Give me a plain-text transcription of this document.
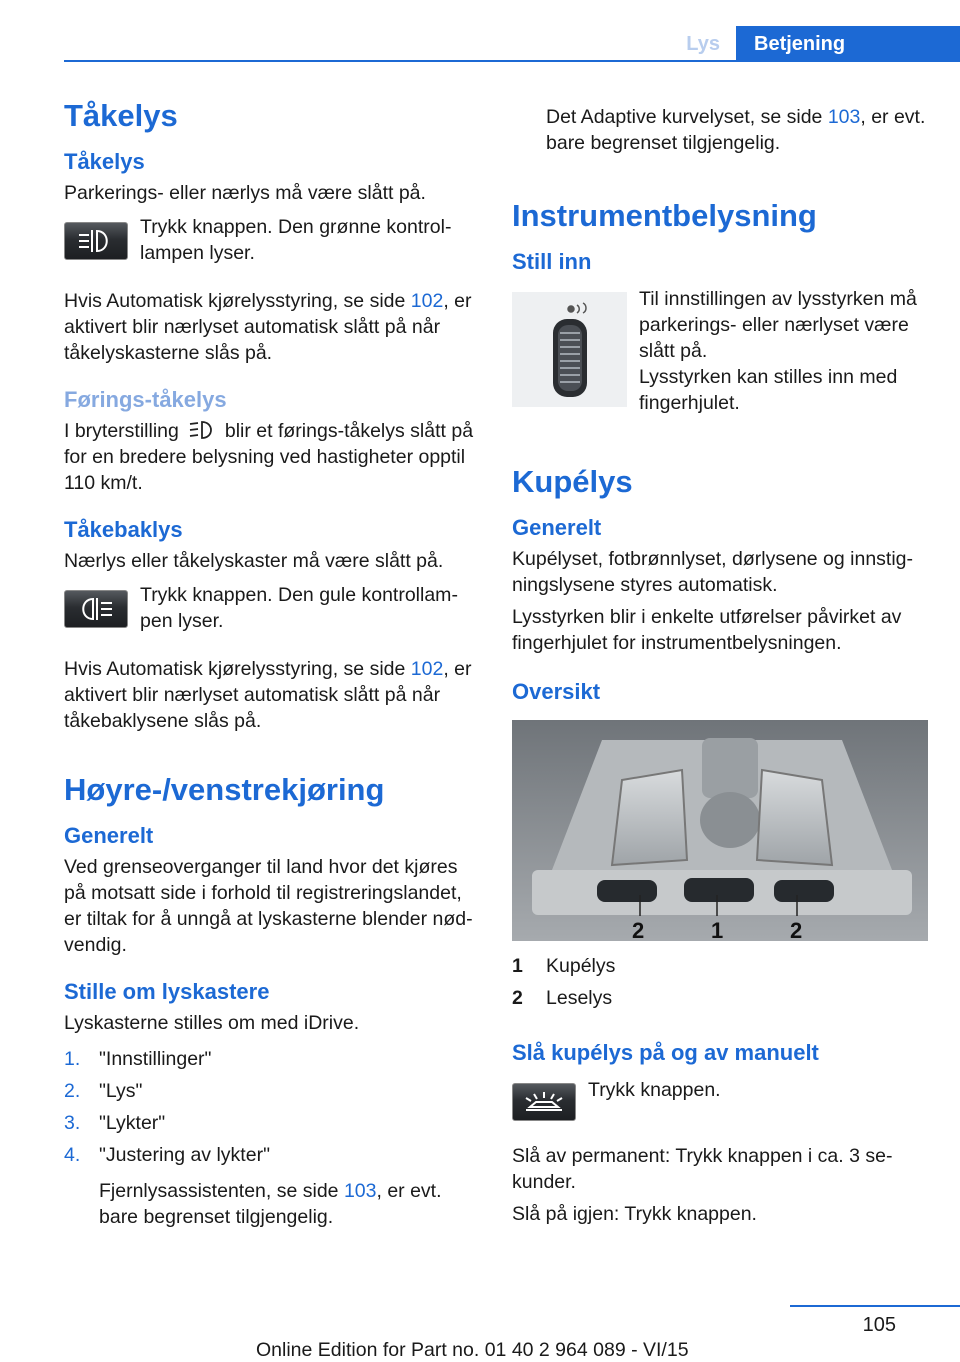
Lys	Betjening
Tåkelys
Tåkelys
Parkerings- eller nærlys må være slått på.
Trykk knappen. Den grønne kontrollampen lyser.
Hvis Automatisk kjørelysstyring, se side 102, er aktivert blir nærlyset automatisk slått på når tåkelyskasterne slås på.
Førings-tåkelys
I bryterstilling blir et førings-tåkelys slått på for en bredere belysning ved hastigheter opptil 110 km/t.
Tåkebaklys
Nærlys eller tåkelyskaster må være slått på.
Trykk knappen. Den gule kontrollampen lyser.
Hvis Automatisk kjørelysstyring, se side 102, er aktivert blir nærlyset automatisk slått på når tåkebaklysene slås på.
Høyre-/venstrekjøring
Generelt
Ved grenseoverganger til land hvor det kjøres på motsatt side i forhold til registreringslandet, er tiltak for å unngå at lyskasterne blender nødvendig.
Stille om lyskastere
Lyskasterne stilles om med iDrive.
1. "Innstillinger"
2. "Lys"
3. "Lykter"
4. "Justering av lykter"
Fjernlysassistenten, se side 103, er evt. bare begrenset tilgjengelig.
Det Adaptive kurvelyset, se side 103, er evt. bare begrenset tilgjengelig.
Instrumentbelysning
Still inn
Til innstillingen av lysstyrken må parkerings- eller nærlyset være slått på.
Lysstyrken kan stilles inn med fingerhjulet.
Kupélys
Generelt
Kupélyset, fotbrønnlyset, dørlysene og innstigningslysene styres automatisk.
Lysstyrken blir i enkelte utførelser påvirket av fingerhjulet for instrumentbelysningen.
Oversikt
2	1	2
1	Kupélys
2	Leselys
Slå kupélys på og av manuelt
Trykk knappen.
Slå av permanent: Trykk knappen i ca. 3 sekunder.
Slå på igjen: Trykk knappen.
105
Online Edition for Part no. 01 40 2 964 089 - VI/15
